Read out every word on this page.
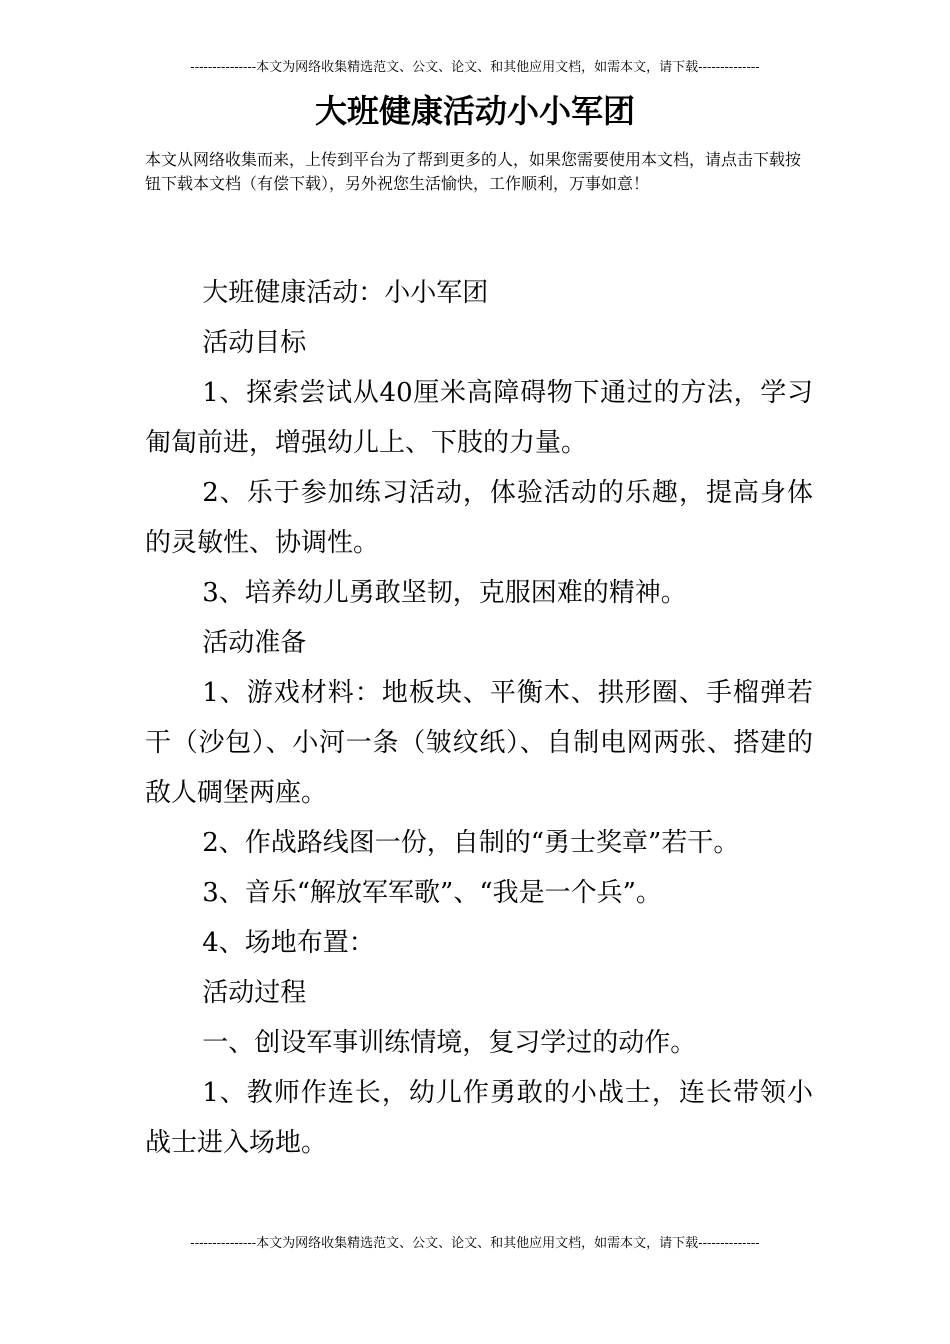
---------------本文为网络收集精选范文、公文、论文、和其他应用文档，如需本文，请下载--------------
大班健康活动小小军团

本文从网络收集而来，上传到平台为了帮到更多的人，如果您需要使用本文档，请点击下载按钮下载本文档（有偿下载），另外祝您生活愉快，工作顺利，万事如意！

大班健康活动：小小军团

活动目标

1、探索尝试从40厘米高障碍物下通过的方法，学习匍匐前进，增强幼儿上、下肢的力量。

2、乐于参加练习活动，体验活动的乐趣，提高身体的灵敏性、协调性。

3、培养幼儿勇敢坚韧，克服困难的精神。

活动准备

1、游戏材料：地板块、平衡木、拱形圈、手榴弹若干（沙包）、小河一条（皱纹纸）、自制电网两张、搭建的敌人碉堡两座。

2、作战路线图一份，自制的“勇士奖章”若干。

3、音乐“解放军军歌”、“我是一个兵”。

4、场地布置：

活动过程

一、创设军事训练情境，复习学过的动作。

1、教师作连长，幼儿作勇敢的小战士，连长带领小战士进入场地。

---------------本文为网络收集精选范文、公文、论文、和其他应用文档，如需本文，请下载--------------
